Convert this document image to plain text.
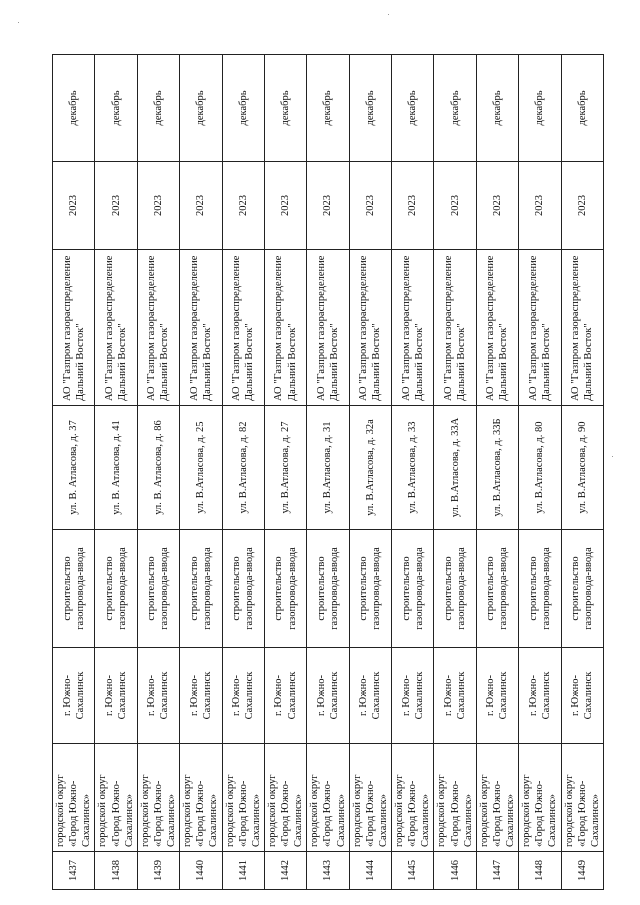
1437	городской округ «Город Южно-Сахалинск»	г. Южно-Сахалинск	строительство газопровода-ввода	ул. В. Атласова, д. 37	АО "Газпром газораспределение Дальний Восток"	2023	декабрь
1438	городской округ «Город Южно-Сахалинск»	г. Южно-Сахалинск	строительство газопровода-ввода	ул. В. Атласова, д. 41	АО "Газпром газораспределение Дальний Восток"	2023	декабрь
1439	городской округ «Город Южно-Сахалинск»	г. Южно-Сахалинск	строительство газопровода-ввода	ул. В. Атласова, д. 86	АО "Газпром газораспределение Дальний Восток"	2023	декабрь
1440	городской округ «Город Южно-Сахалинск»	г. Южно-Сахалинск	строительство газопровода-ввода	ул. В.Атласова, д. 25	АО "Газпром газораспределение Дальний Восток"	2023	декабрь
1441	городской округ «Город Южно-Сахалинск»	г. Южно-Сахалинск	строительство газопровода-ввода	ул. В.Атласова, д. 82	АО "Газпром газораспределение Дальний Восток"	2023	декабрь
1442	городской округ «Город Южно-Сахалинск»	г. Южно-Сахалинск	строительство газопровода-ввода	ул. В.Атласова, д. 27	АО "Газпром газораспределение Дальний Восток"	2023	декабрь
1443	городской округ «Город Южно-Сахалинск»	г. Южно-Сахалинск	строительство газопровода-ввода	ул. В.Атласова, д. 31	АО "Газпром газораспределение Дальний Восток"	2023	декабрь
1444	городской округ «Город Южно-Сахалинск»	г. Южно-Сахалинск	строительство газопровода-ввода	ул. В.Атласова, д. 32а	АО "Газпром газораспределение Дальний Восток"	2023	декабрь
1445	городской округ «Город Южно-Сахалинск»	г. Южно-Сахалинск	строительство газопровода-ввода	ул. В.Атласова, д. 33	АО "Газпром газораспределение Дальний Восток"	2023	декабрь
1446	городской округ «Город Южно-Сахалинск»	г. Южно-Сахалинск	строительство газопровода-ввода	ул. В.Атласова, д. 33А	АО "Газпром газораспределение Дальний Восток"	2023	декабрь
1447	городской округ «Город Южно-Сахалинск»	г. Южно-Сахалинск	строительство газопровода-ввода	ул. В.Атласова, д. 33Б	АО "Газпром газораспределение Дальний Восток"	2023	декабрь
1448	городской округ «Город Южно-Сахалинск»	г. Южно-Сахалинск	строительство газопровода-ввода	ул. В.Атласова, д. 80	АО "Газпром газораспределение Дальний Восток"	2023	декабрь
1449	городской округ «Город Южно-Сахалинск»	г. Южно-Сахалинск	строительство газопровода-ввода	ул. В.Атласова, д. 90	АО "Газпром газораспределение Дальний Восток"	2023	декабрь
